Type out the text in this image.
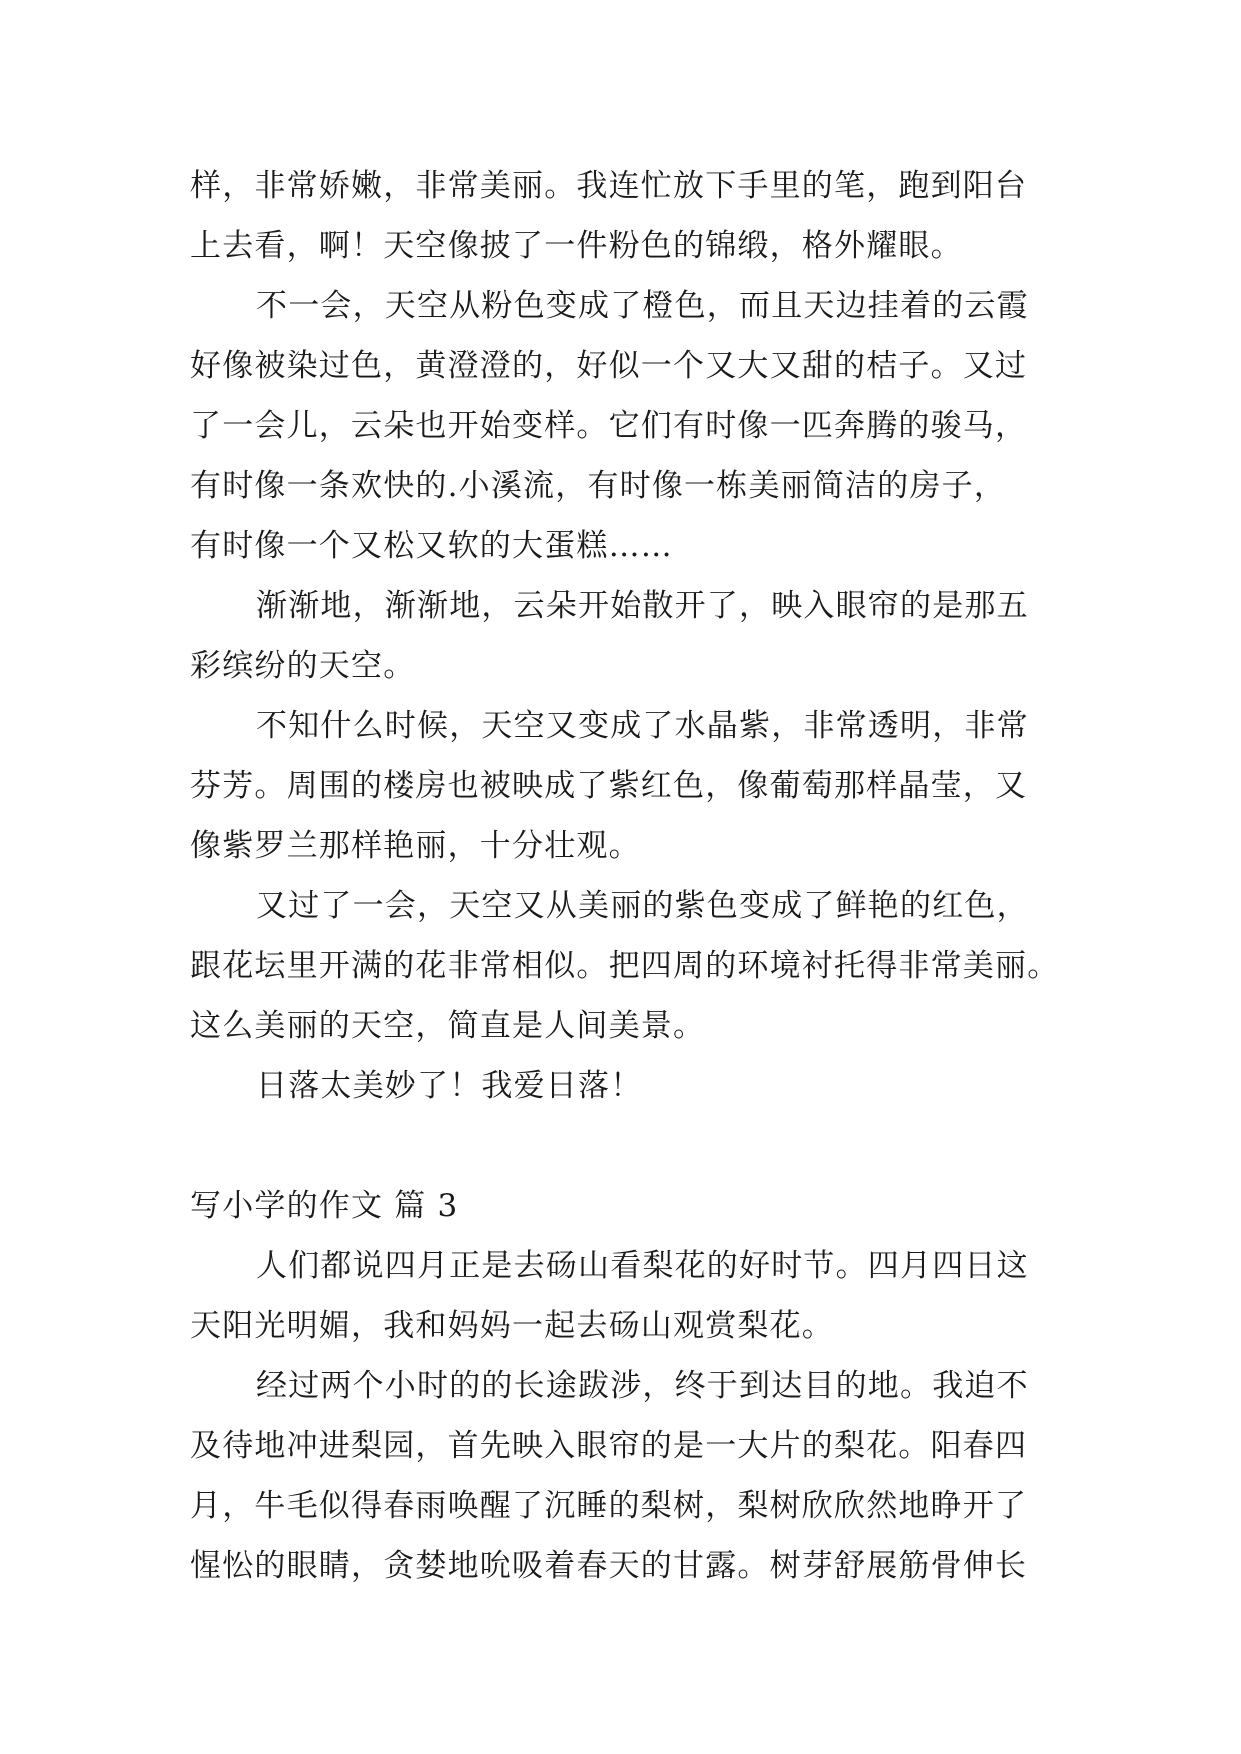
样，非常娇嫩，非常美丽。我连忙放下手里的笔，跑到阳台
上去看，啊！天空像披了一件粉色的锦缎，格外耀眼。
不一会，天空从粉色变成了橙色，而且天边挂着的云霞
好像被染过色，黄澄澄的，好似一个又大又甜的桔子。又过
了一会儿，云朵也开始变样。它们有时像一匹奔腾的骏马，
有时像一条欢快的.小溪流，有时像一栋美丽简洁的房子，
有时像一个又松又软的大蛋糕……
渐渐地，渐渐地，云朵开始散开了，映入眼帘的是那五
彩缤纷的天空。
不知什么时候，天空又变成了水晶紫，非常透明，非常
芬芳。周围的楼房也被映成了紫红色，像葡萄那样晶莹，又
像紫罗兰那样艳丽，十分壮观。
又过了一会，天空又从美丽的紫色变成了鲜艳的红色，
跟花坛里开满的花非常相似。把四周的环境衬托得非常美丽。
这么美丽的天空，简直是人间美景。
日落太美妙了！我爱日落！
写小学的作文 篇 3
人们都说四月正是去砀山看梨花的好时节。四月四日这
天阳光明媚，我和妈妈一起去砀山观赏梨花。
经过两个小时的的长途跋涉，终于到达目的地。我迫不
及待地冲进梨园，首先映入眼帘的是一大片的梨花。阳春四
月，牛毛似得春雨唤醒了沉睡的梨树，梨树欣欣然地睁开了
惺忪的眼睛，贪婪地吮吸着春天的甘露。树芽舒展筋骨伸长
